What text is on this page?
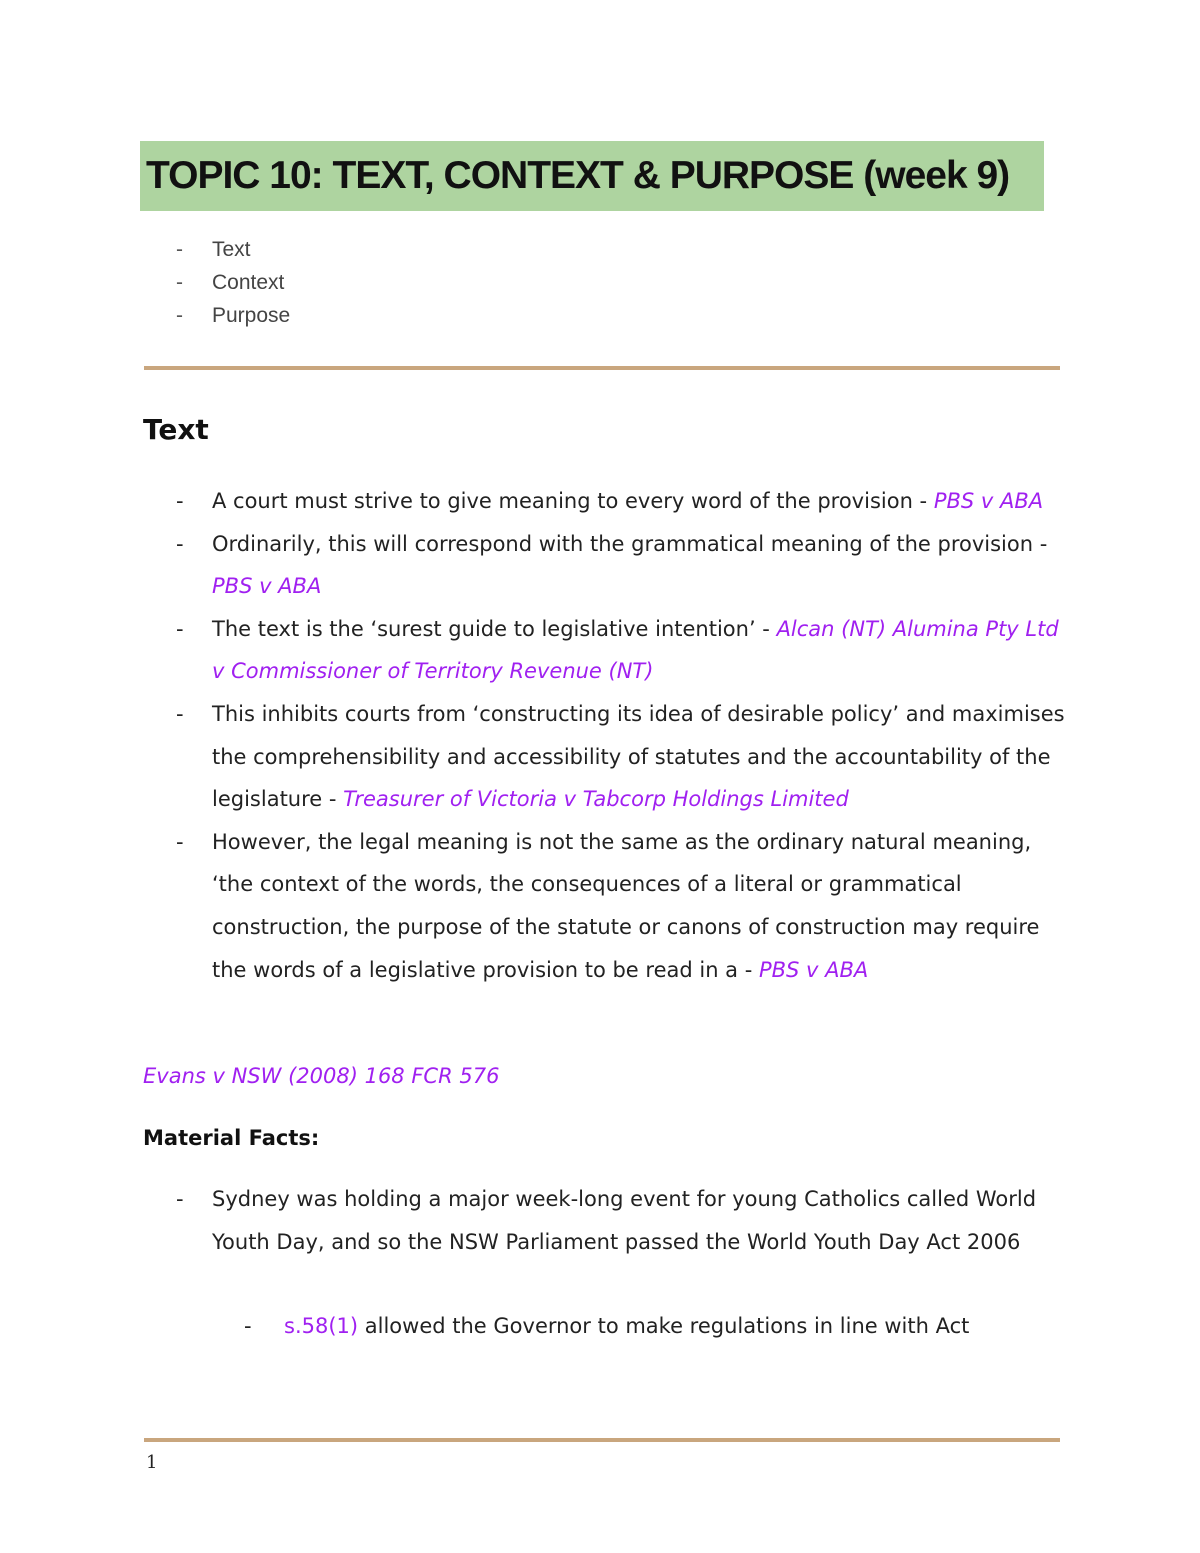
TOPIC 10: TEXT, CONTEXT & PURPOSE (week 9)
- Text
- Context
- Purpose
Text
- A court must strive to give meaning to every word of the provision - PBS v ABA
- Ordinarily, this will correspond with the grammatical meaning of the provision - PBS v ABA
- The text is the ‘surest guide to legislative intention’ - Alcan (NT) Alumina Pty Ltd v Commissioner of Territory Revenue (NT)
- This inhibits courts from ‘constructing its idea of desirable policy’ and maximises the comprehensibility and accessibility of statutes and the accountability of the legislature - Treasurer of Victoria v Tabcorp Holdings Limited
- However, the legal meaning is not the same as the ordinary natural meaning, ‘the context of the words, the consequences of a literal or grammatical construction, the purpose of the statute or canons of construction may require the words of a legislative provision to be read in a - PBS v ABA
Evans v NSW (2008) 168 FCR 576
Material Facts:
- Sydney was holding a major week-long event for young Catholics called World Youth Day, and so the NSW Parliament passed the World Youth Day Act 2006
- s.58(1) allowed the Governor to make regulations in line with Act
1
